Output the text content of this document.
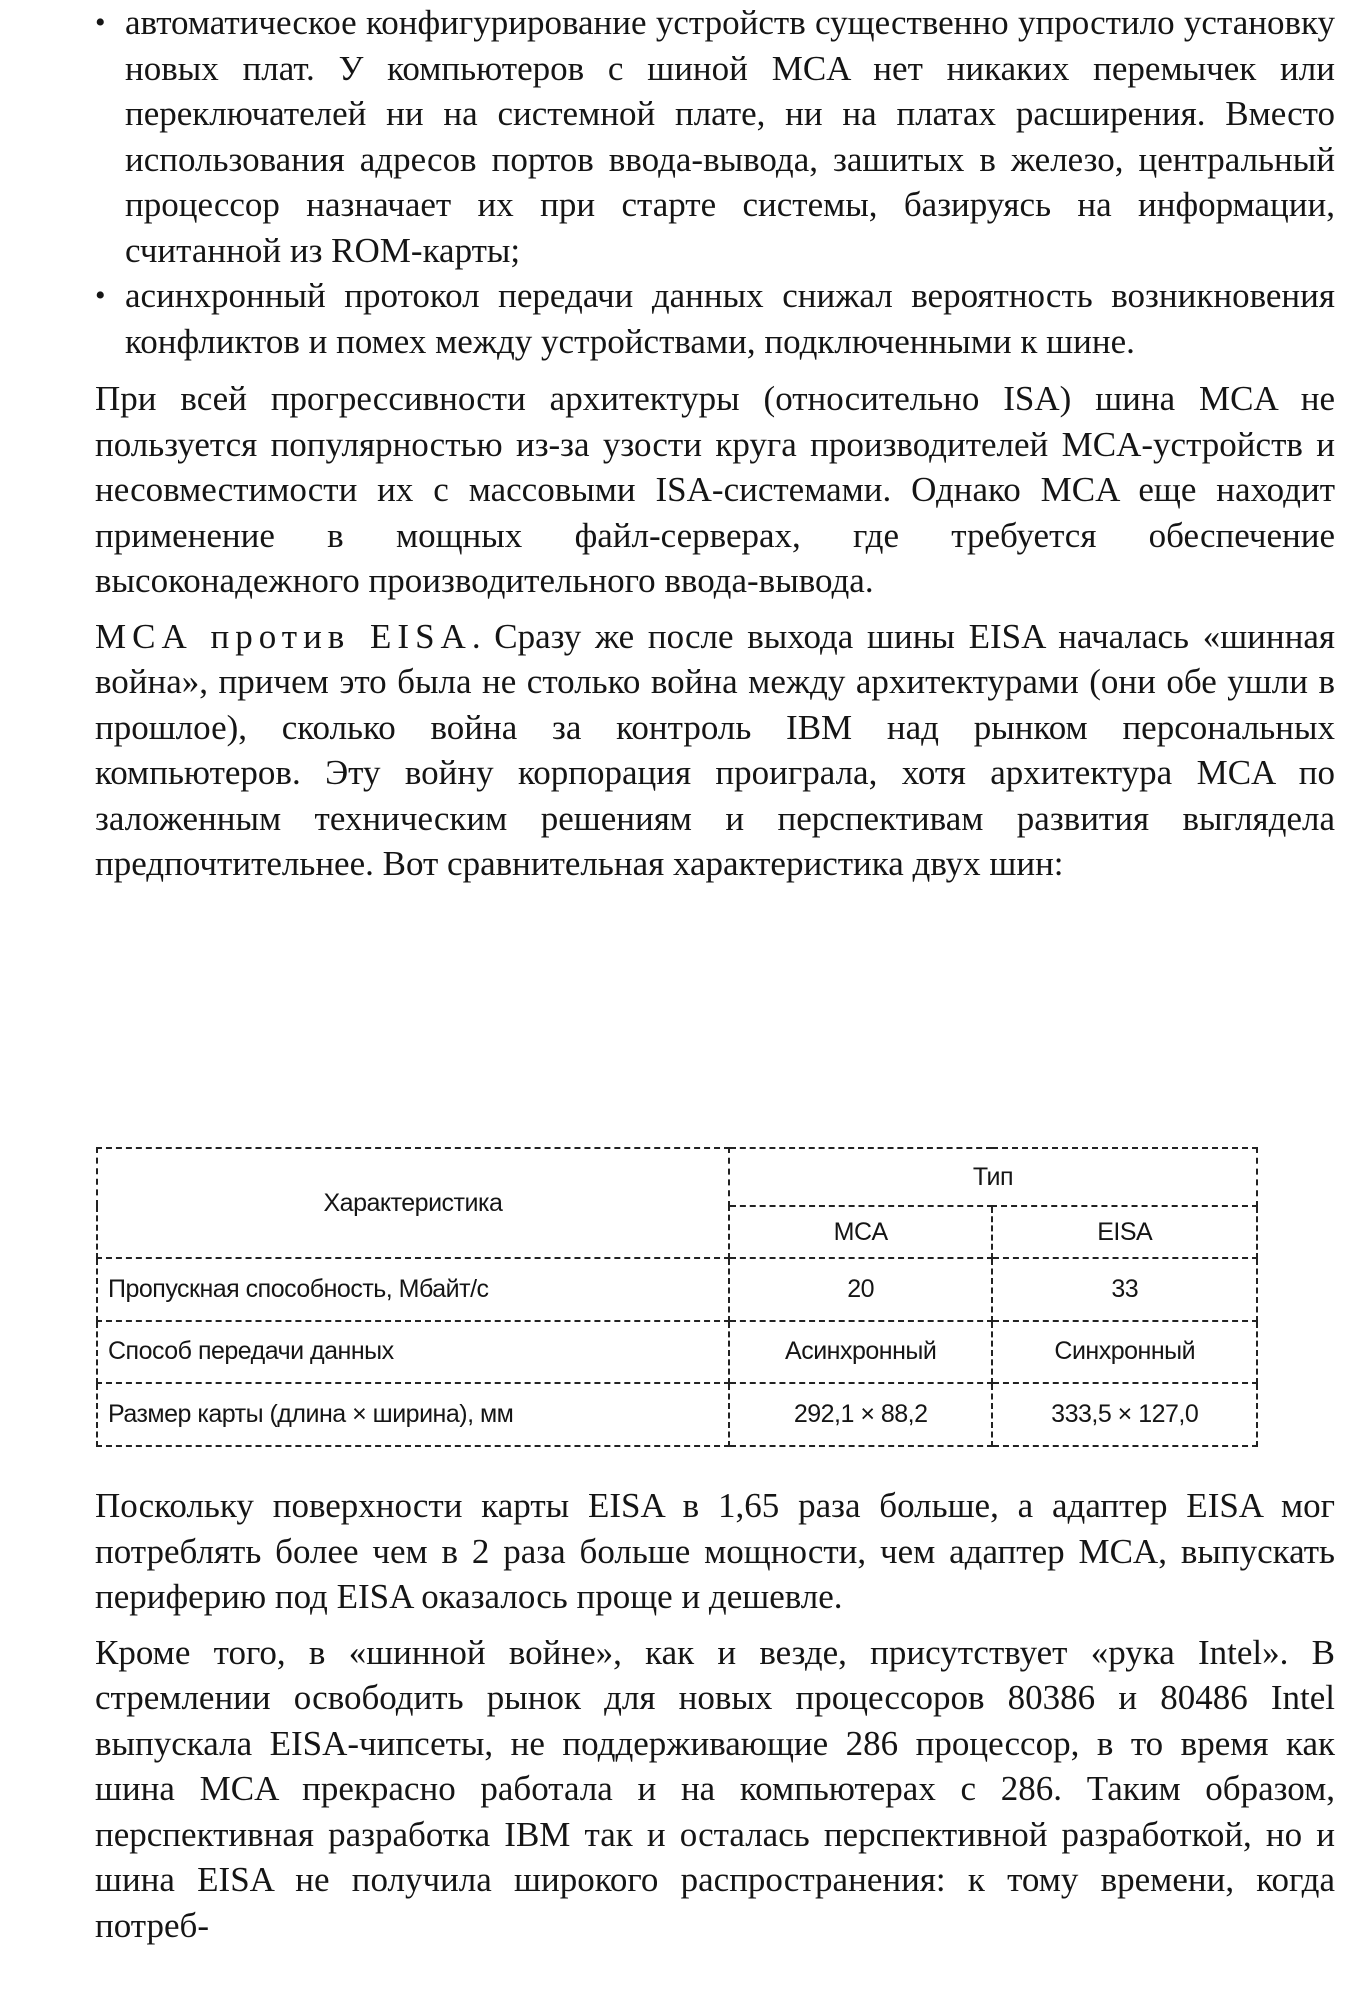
• автоматическое конфигурирование устройств существенно упростило установку новых плат. У компьютеров с шиной MCA нет никаких перемычек или переключателей ни на системной плате, ни на платах расширения. Вместо использования адресов портов ввода-вывода, зашитых в железо, центральный процессор назначает их при старте системы, базируясь на информации, считанной из ROM-карты;
• асинхронный протокол передачи данных снижал вероятность возникновения конфликтов и помех между устройствами, подключенными к шине.

При всей прогрессивности архитектуры (относительно ISA) шина MCA не пользуется популярностью из-за узости круга производителей MCA-устройств и несовместимости их с массовыми ISA-системами. Однако MCA еще находит применение в мощных файл-серверах, где требуется обеспечение высоконадежного производительного ввода-вывода.

MCA против EISA. Сразу же после выхода шины EISA началась «шинная война», причем это была не столько война между архитектурами (они обе ушли в прошлое), сколько война за контроль IBM над рынком персональных компьютеров. Эту войну корпорация проиграла, хотя архитектура MCA по заложенным техническим решениям и перспективам развития выглядела предпочтительнее. Вот сравнительная характеристика двух шин:

Характеристика	Тип	
	MCA	EISA
Пропускная способность, Мбайт/с	20	33
Способ передачи данных	Асинхронный	Синхронный
Размер карты (длина × ширина), мм	292,1 × 88,2	333,5 × 127,0

Поскольку поверхности карты EISA в 1,65 раза больше, а адаптер EISA мог потреблять более чем в 2 раза больше мощности, чем адаптер MCA, выпускать периферию под EISA оказалось проще и дешевле.

Кроме того, в «шинной войне», как и везде, присутствует «рука Intel». В стремлении освободить рынок для новых процессоров 80386 и 80486 Intel выпускала EISA-чипсеты, не поддерживающие 286 процессор, в то время как шина MCA прекрасно работала и на компьютерах с 286. Таким образом, перспективная разработка IBM так и осталась перспективной разработкой, но и шина EISA не получила широкого распространения: к тому времени, когда потреб-
